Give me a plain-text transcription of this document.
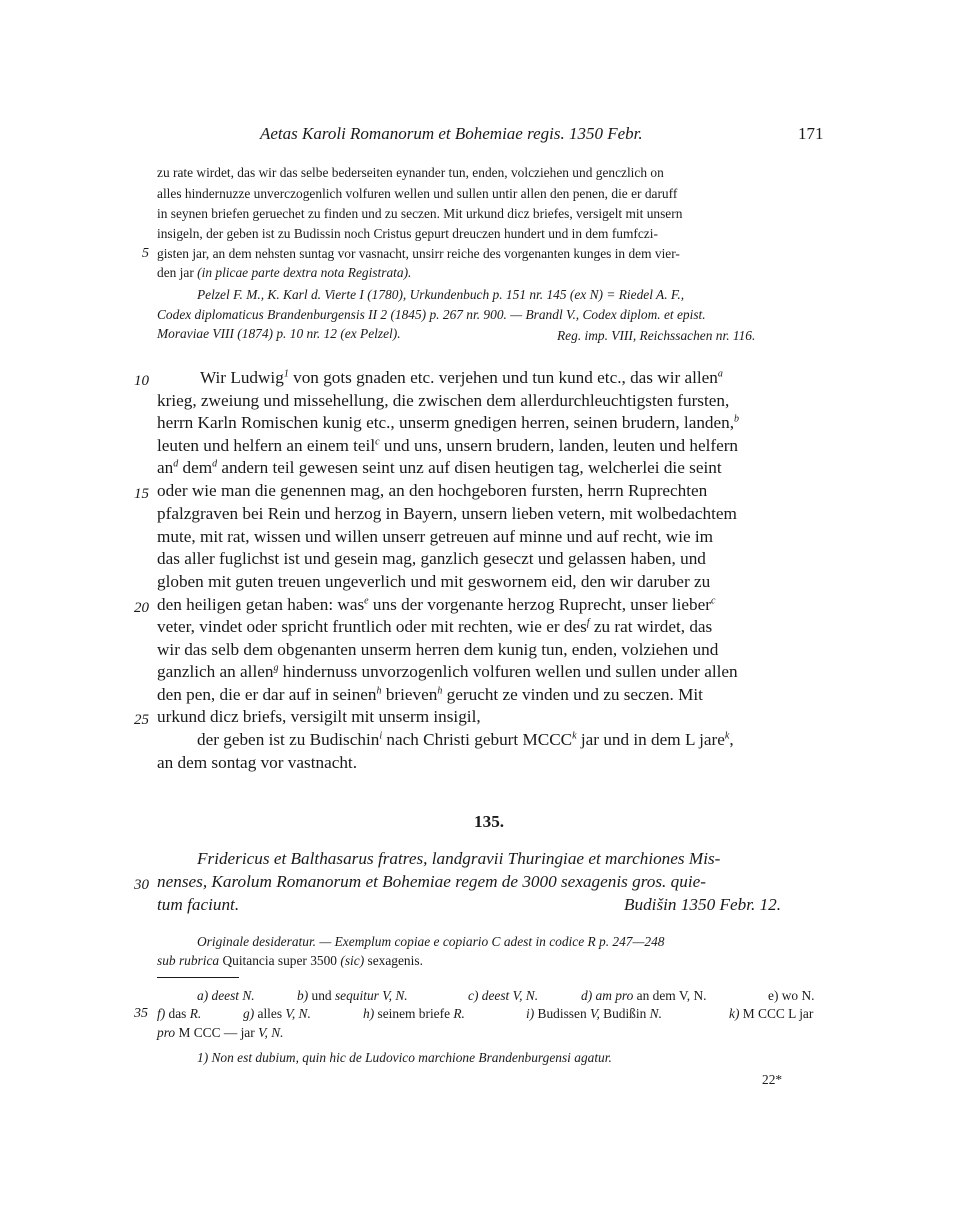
Aetas Karoli Romanorum et Bohemiae regis. 1350 Febr.	171
zu rate wirdet, das wir das selbe bederseiten eynander tun, enden, volcziehen und genczlich on
alles hindernuzze unverczogenlich volfuren wellen und sullen untir allen den penen, die er daruff
in seynen briefen geruechet zu finden und zu seczen. Mit urkund dicz briefes, versigelt mit unsern
insigeln, der geben ist zu Budissin noch Cristus gepurt dreuczen hundert und in dem fumfczi-
gisten jar, an dem nehsten suntag vor vasnacht, unsirr reiche des vorgenanten kunges in dem vier-
den jar (in plicae parte dextra nota Registrata).
Pelzel F. M., K. Karl d. Vierte I (1780), Urkundenbuch p. 151 nr. 145 (ex N) = Riedel A. F.,
Codex diplomaticus Brandenburgensis II 2 (1845) p. 267 nr. 900. — Brandl V., Codex diplom. et epist.
Moraviae VIII (1874) p. 10 nr. 12 (ex Pelzel).	Reg. imp. VIII, Reichssachen nr. 116.
5
10
15
20
25
30
35
Wir Ludwig$^1$ von gots gnaden etc. verjehen und tun kund etc., das wir allen$^a$
krieg, zweiung und missehellung, die zwischen dem allerdurchleuchtigsten fursten,
herrn Karln Romischen kunig etc., unserm gnedigen herren, seinen brudern, landen,$^b$
leuten und helfern an einem teil$^c$ und uns, unsern brudern, landen, leuten und helfern
$an^d$ dem$^d$ andern teil gewesen seint unz auf disen heutigen tag, welcherlei die seint
oder wie man die genennen mag, an den hochgeboren fursten, herrn Ruprechten
pfalzgraven bei Rein und herzog in Bayern, unsern lieben vetern, mit wolbedachtem
mute, mit rat, wissen und willen unserr getreuen auf minne und auf recht, wie im
das aller fuglichst ist und gesein mag, ganzlich geseczt und gelassen haben, und
globen mit guten treuen ungeverlich und mit geswornem eid, den wir daruber zu
den heiligen getan haben: was$^e$ uns der vorgenante herzog Ruprecht, unser lieber$^c$
veter, vindet oder spricht fruntlich oder mit rechten, wie er des$^f$ zu rat wirdet, das
wir das selb dem obgenanten unserm herren dem kunig tun, enden, volziehen und
ganzlich an allen$^g$ hindernuss unvorzogenlich volfuren wellen und sullen under allen
den pen, die er dar auf in seinen$^h$ brieven$^h$ gerucht ze vinden und zu seczen. Mit
urkund dicz briefs, versigilt mit unserm insigil,
der geben ist zu Budischin$^i$ nach Christi geburt MCCC$^k$ jar und in dem L jare$^k$,
an dem sontag vor vastnacht.
135.
Fridericus et Balthasarus fratres, landgravii Thuringiae et marchiones Mis-
nenses, Karolum Romanorum et Bohemiae regem de 3000 sexagenis gros. quie-
tum faciunt.	Budišin 1350 Febr. 12.
Originale desideratur. — Exemplum copiae e copiario C adest in codice R p. 247—248
sub rubrica Quitancia super 3500 (sic) sexagenis.
a) deest N.	b) und sequitur V, N.	c) deest V, N.	d) am pro an dem V, N.	e) wo N.
f) das R.	g) alles V, N.	h) seinem briefe R.	i) Budissen V, Budißin N.	k) M CCC L jar
pro M CCC — jar V, N.
1) Non est dubium, quin hic de Ludovico marchione Brandenburgensi agatur.
22*
